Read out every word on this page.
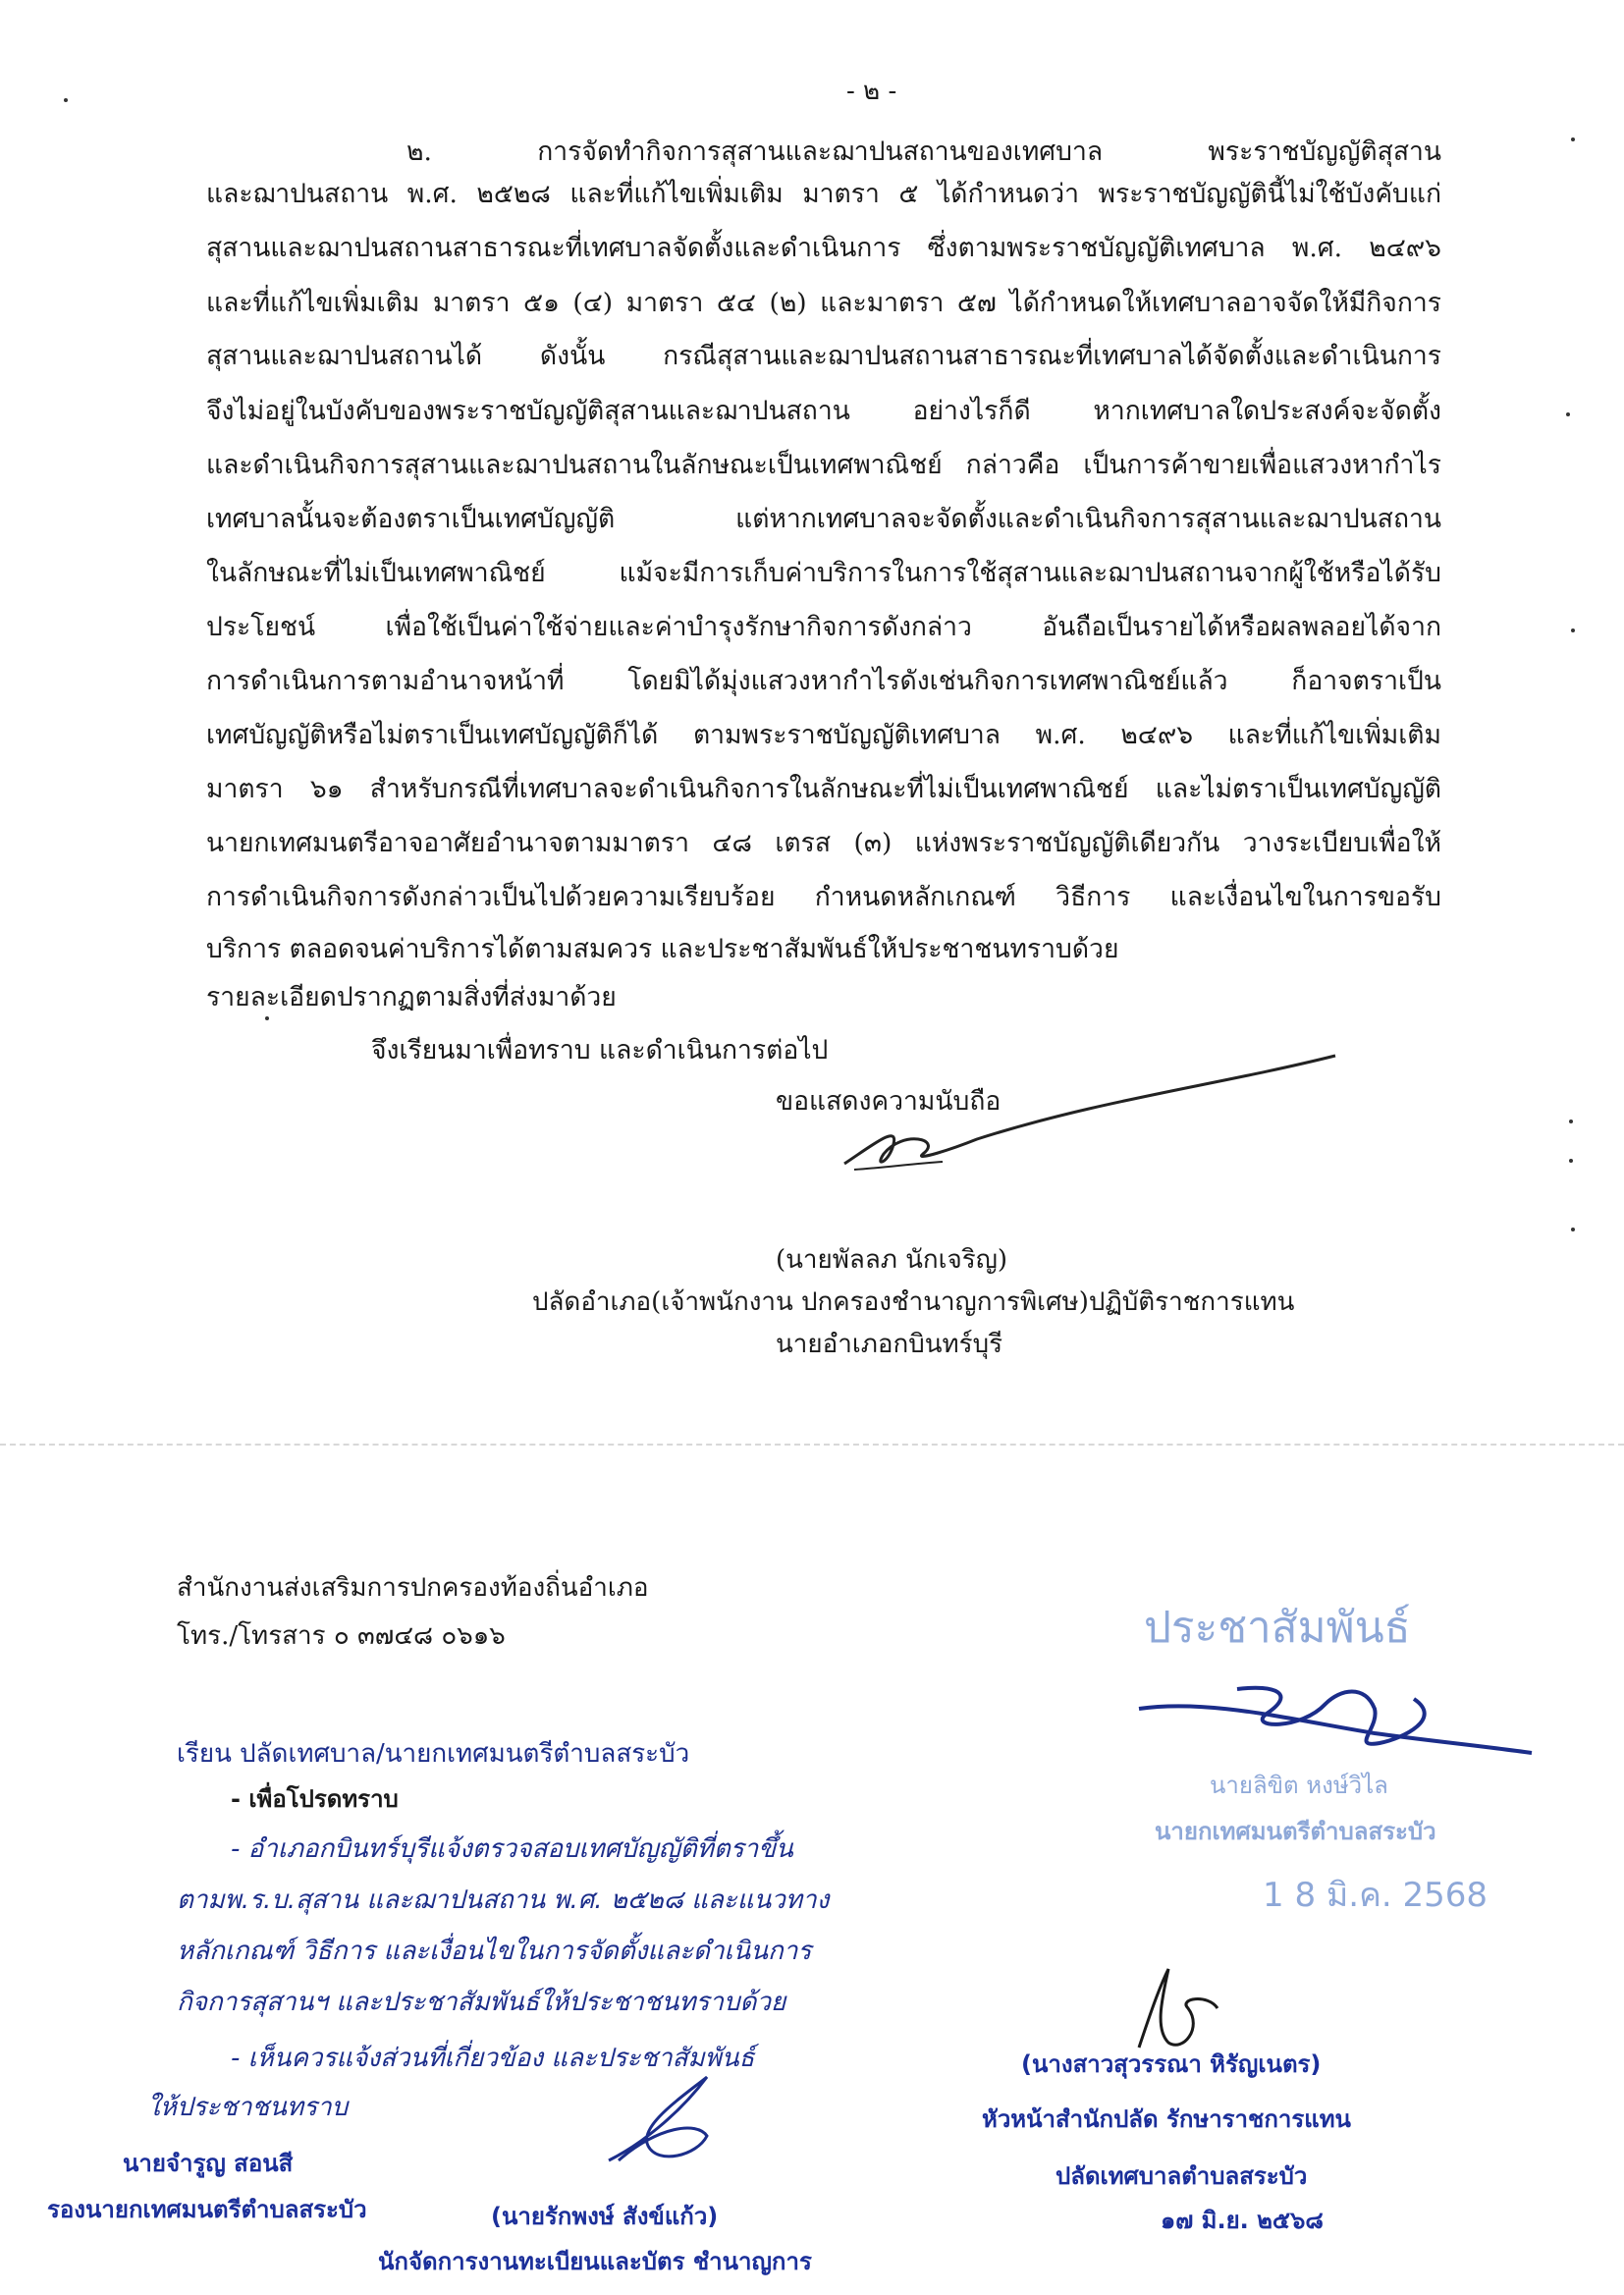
- ๒ -
๒. การจัดทำกิจการสุสานและฌาปนสถานของเทศบาล พระราชบัญญัติสุสาน
และฌาปนสถาน พ.ศ. ๒๕๒๘ และที่แก้ไขเพิ่มเติม มาตรา ๕ ได้กำหนดว่า พระราชบัญญัตินี้ไม่ใช้บังคับแก่
สุสานและฌาปนสถานสาธารณะที่เทศบาลจัดตั้งและดำเนินการ ซึ่งตามพระราชบัญญัติเทศบาล พ.ศ. ๒๔๙๖
และที่แก้ไขเพิ่มเติม มาตรา ๕๑ (๔) มาตรา ๕๔ (๒) และมาตรา ๕๗ ได้กำหนดให้เทศบาลอาจจัดให้มีกิจการ
สุสานและฌาปนสถานได้ ดังนั้น กรณีสุสานและฌาปนสถานสาธารณะที่เทศบาลได้จัดตั้งและดำเนินการ
จึงไม่อยู่ในบังคับของพระราชบัญญัติสุสานและฌาปนสถาน อย่างไรก็ดี หากเทศบาลใดประสงค์จะจัดตั้ง
และดำเนินกิจการสุสานและฌาปนสถานในลักษณะเป็นเทศพาณิชย์ กล่าวคือ เป็นการค้าขายเพื่อแสวงหากำไร
เทศบาลนั้นจะต้องตราเป็นเทศบัญญัติ แต่หากเทศบาลจะจัดตั้งและดำเนินกิจการสุสานและฌาปนสถาน
ในลักษณะที่ไม่เป็นเทศพาณิชย์ แม้จะมีการเก็บค่าบริการในการใช้สุสานและฌาปนสถานจากผู้ใช้หรือได้รับ
ประโยชน์ เพื่อใช้เป็นค่าใช้จ่ายและค่าบำรุงรักษากิจการดังกล่าว อันถือเป็นรายได้หรือผลพลอยได้จาก
การดำเนินการตามอำนาจหน้าที่ โดยมิได้มุ่งแสวงหากำไรดังเช่นกิจการเทศพาณิชย์แล้ว ก็อาจตราเป็น
เทศบัญญัติหรือไม่ตราเป็นเทศบัญญัติก็ได้ ตามพระราชบัญญัติเทศบาล พ.ศ. ๒๔๙๖ และที่แก้ไขเพิ่มเติม
มาตรา ๖๑ สำหรับกรณีที่เทศบาลจะดำเนินกิจการในลักษณะที่ไม่เป็นเทศพาณิชย์ และไม่ตราเป็นเทศบัญญัติ
นายกเทศมนตรีอาจอาศัยอำนาจตามมาตรา ๔๘ เตรส (๓) แห่งพระราชบัญญัติเดียวกัน วางระเบียบเพื่อให้
การดำเนินกิจการดังกล่าวเป็นไปด้วยความเรียบร้อย กำหนดหลักเกณฑ์ วิธีการ และเงื่อนไขในการขอรับ
บริการ ตลอดจนค่าบริการได้ตามสมควร และประชาสัมพันธ์ให้ประชาชนทราบด้วย
รายละเอียดปรากฏตามสิ่งที่ส่งมาด้วย
จึงเรียนมาเพื่อทราบ และดำเนินการต่อไป
ขอแสดงความนับถือ
(นายพัลลภ นักเจริญ)
ปลัดอำเภอ(เจ้าพนักงาน ปกครองชำนาญการพิเศษ)ปฏิบัติราชการแทน
นายอำเภอกบินทร์บุรี
สำนักงานส่งเสริมการปกครองท้องถิ่นอำเภอ
โทร./โทรสาร ๐ ๓๗๔๘ ๐๖๑๖	ประชาสัมพันธ์
นายลิขิต หงษ์วิไล
นายกเทศมนตรีตำบลสระบัว
1 8 มิ.ค. 2568
เรียน ปลัดเทศบาล/นายกเทศมนตรีตำบลสระบัว
- เพื่อโปรดทราบ
- อำเภอกบินทร์บุรีแจ้งตรวจสอบเทศบัญญัติที่ตราขึ้น
ตามพ.ร.บ.สุสาน และฌาปนสถาน พ.ศ. ๒๕๒๘ และแนวทาง
หลักเกณฑ์ วิธีการ และเงื่อนไขในการจัดตั้งและดำเนินการ
กิจการสุสานฯ และประชาสัมพันธ์ให้ประชาชนทราบด้วย
- เห็นควรแจ้งส่วนที่เกี่ยวข้อง และประชาสัมพันธ์
ให้ประชาชนทราบ
(นางสาวสุวรรณา หิรัญเนตร)
หัวหน้าสำนักปลัด รักษาราชการแทน
ปลัดเทศบาลตำบลสระบัว
๑๗ มิ.ย. ๒๕๖๘
นายจำรูญ สอนสี
รองนายกเทศมนตรีตำบลสระบัว	(นายรักพงษ์ สังข์แก้ว)
นักจัดการงานทะเบียนและบัตร ชำนาญการ
